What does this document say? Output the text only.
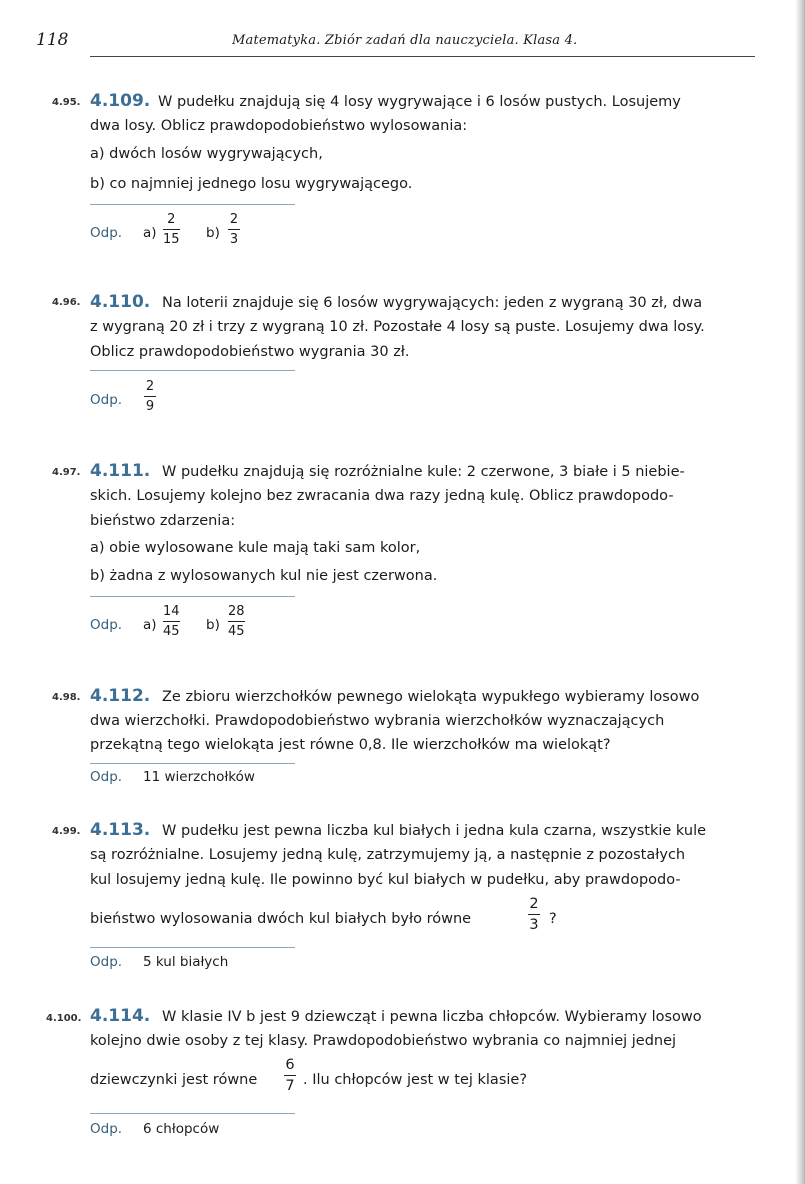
118	Matematyka. Zbiór zadań dla nauczyciela. Klasa 4.
4.95. 4.109. W pudełku znajdują się 4 losy wygrywające i 6 losów pustych. Losujemy
dwa losy. Oblicz prawdopodobieństwo wylosowania:
a) dwóch losów wygrywających,
b) co najmniej jednego losu wygrywającego.
Odp. a)
2
15 b)
2
3
4.96. 4.110. Na loterii znajduje się 6 losów wygrywających: jeden z wygraną 30 zł, dwa
z wygraną 20 zł i trzy z wygraną 10 zł. Pozostałe 4 losy są puste. Losujemy dwa losy.
Oblicz prawdopodobieństwo wygrania 30 zł.
Odp.
2
9
4.97. 4.111. W pudełku znajdują się rozróżnialne kule: 2 czerwone, 3 białe i 5 niebie-
skich. Losujemy kolejno bez zwracania dwa razy jedną kulę. Oblicz prawdopodo-
bieństwo zdarzenia:
a) obie wylosowane kule mają taki sam kolor,
b) żadna z wylosowanych kul nie jest czerwona.
Odp. a)
14
45 b)
28
45
4.98. 4.112. Ze zbioru wierzchołków pewnego wielokąta wypukłego wybieramy losowo
dwa wierzchołki. Prawdopodobieństwo wybrania wierzchołków wyznaczających
przekątną tego wielokąta jest równe 0,8. Ile wierzchołków ma wielokąt?
Odp. 11 wierzchołków
4.99. 4.113. W pudełku jest pewna liczba kul białych i jedna kula czarna, wszystkie kule
są rozróżnialne. Losujemy jedną kulę, zatrzymujemy ją, a następnie z pozostałych
kul losujemy jedną kulę. Ile powinno być kul białych w pudełku, aby prawdopodo-
bieństwo wylosowania dwóch kul białych było równe
2
3 ?
Odp. 5 kul białych
4.100. 4.114. W klasie IV b jest 9 dziewcząt i pewna liczba chłopców. Wybieramy losowo
kolejno dwie osoby z tej klasy. Prawdopodobieństwo wybrania co najmniej jednej
dziewczynki jest równe
6
7 . Ilu chłopców jest w tej klasie?
Odp. 6 chłopców
